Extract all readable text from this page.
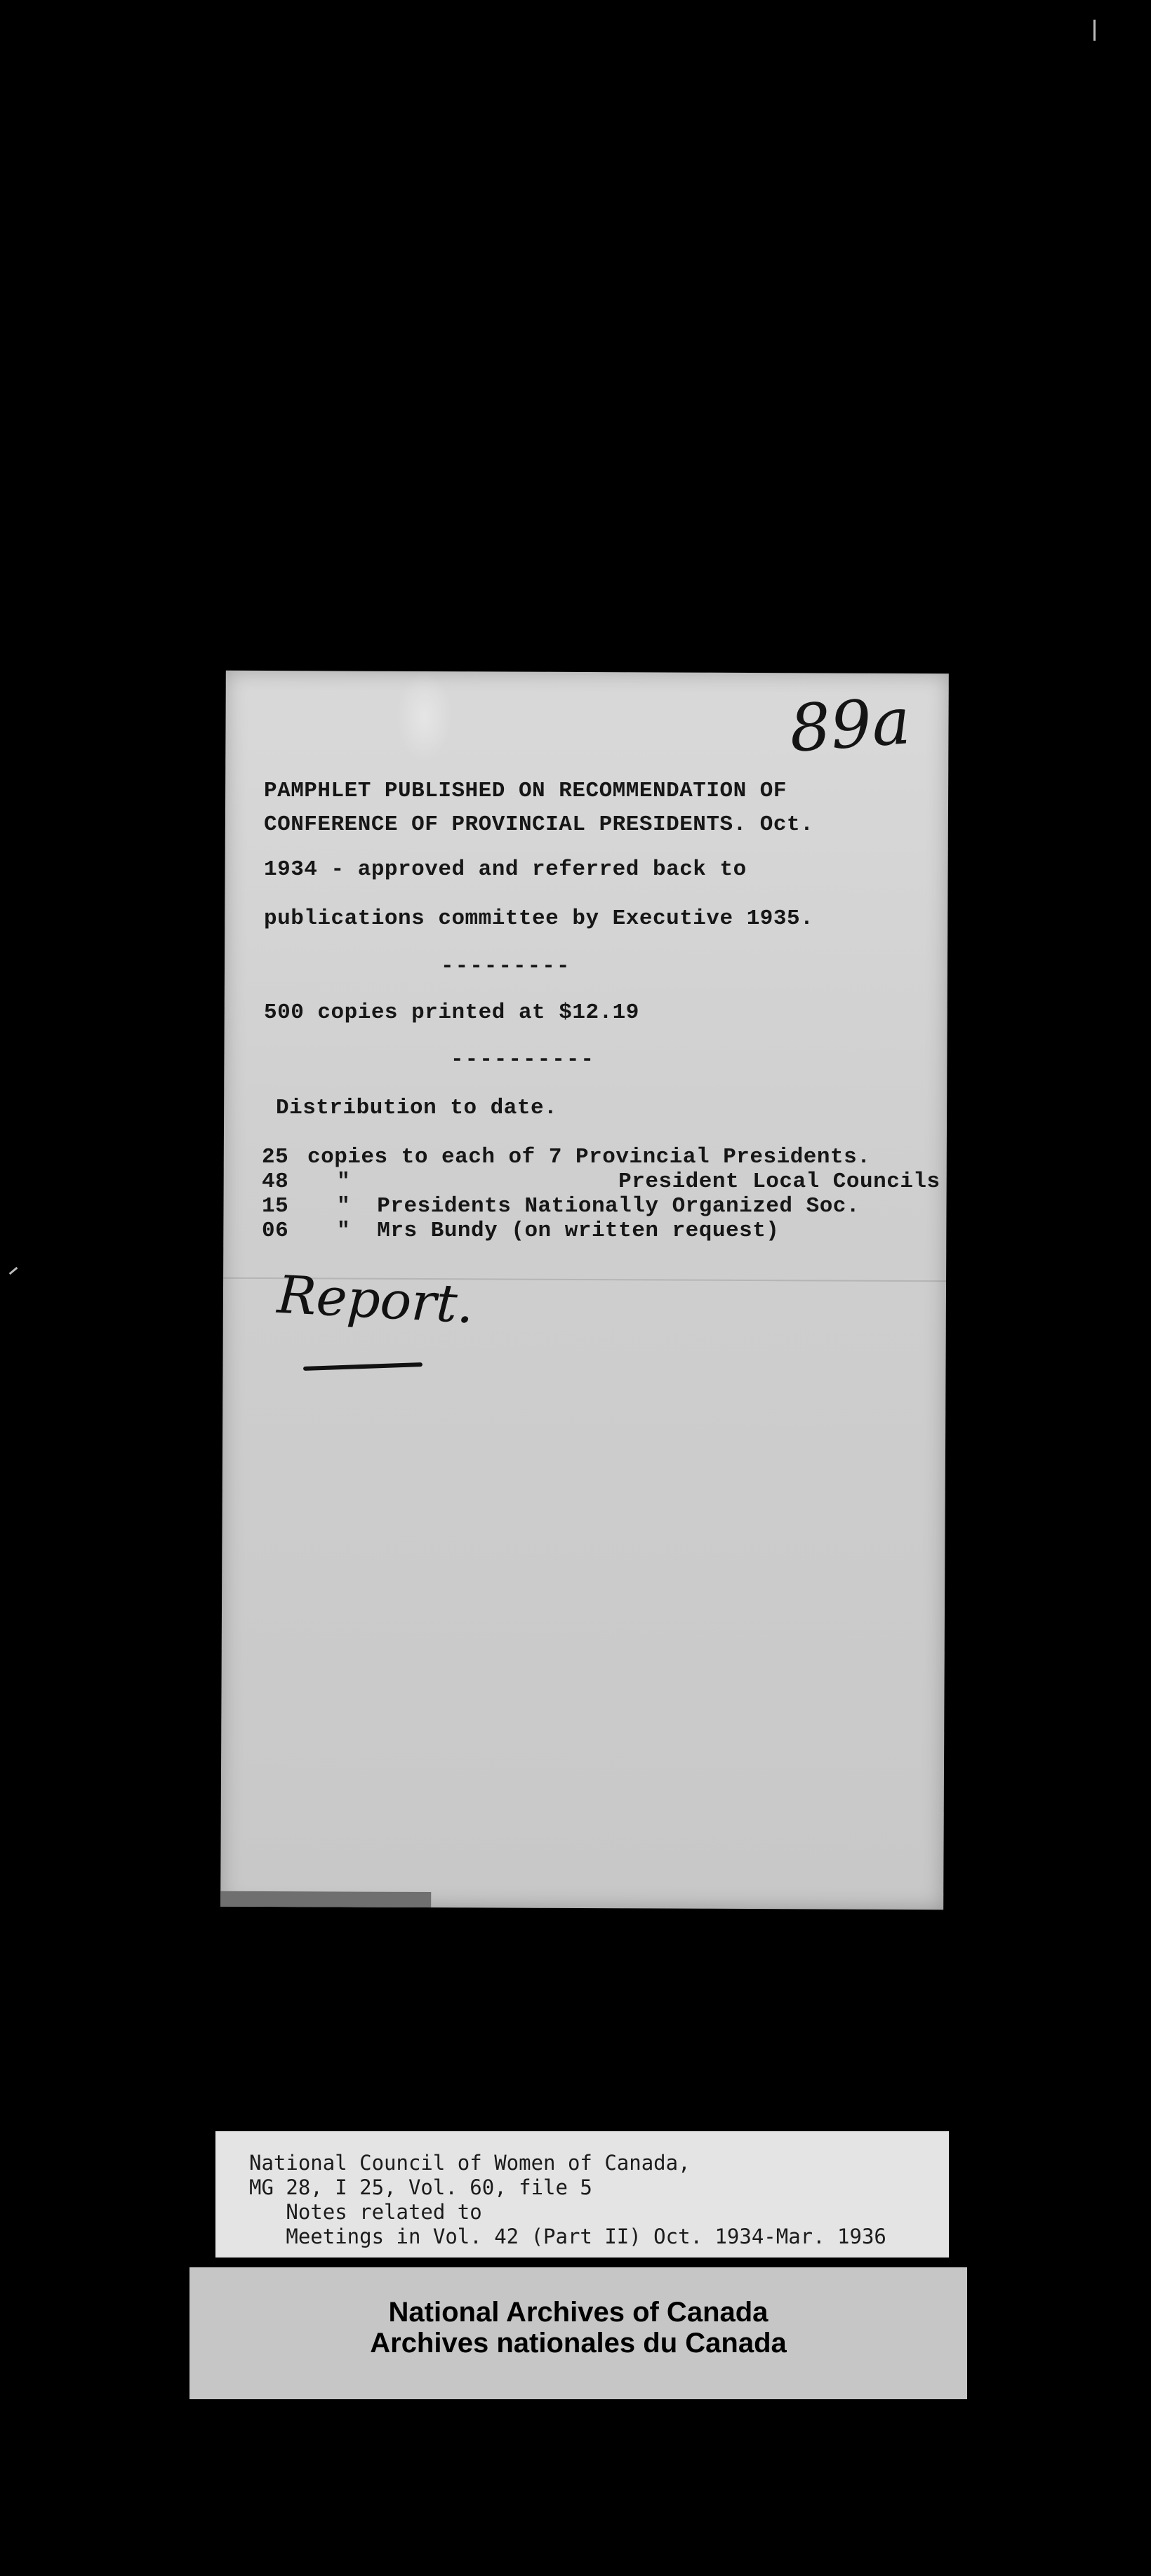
89a
PAMPHLET PUBLISHED ON RECOMMENDATION OF
CONFERENCE OF PROVINCIAL PRESIDENTS. Oct.
1934 - approved and referred back to
publications committee by Executive 1935.
---------
500 copies printed at $12.19
----------
Distribution to date.
25 copies to each of 7 Provincial Presidents.
48 "                    President Local Councils
15 "  Presidents Nationally Organized Soc.
06 "  Mrs Bundy (on written request)
Report.
National Council of Women of Canada,
MG 28, I 25, Vol. 60, file 5
Notes related to
Meetings in Vol. 42 (Part II) Oct. 1934-Mar. 1936
National Archives of Canada
Archives nationales du Canada
